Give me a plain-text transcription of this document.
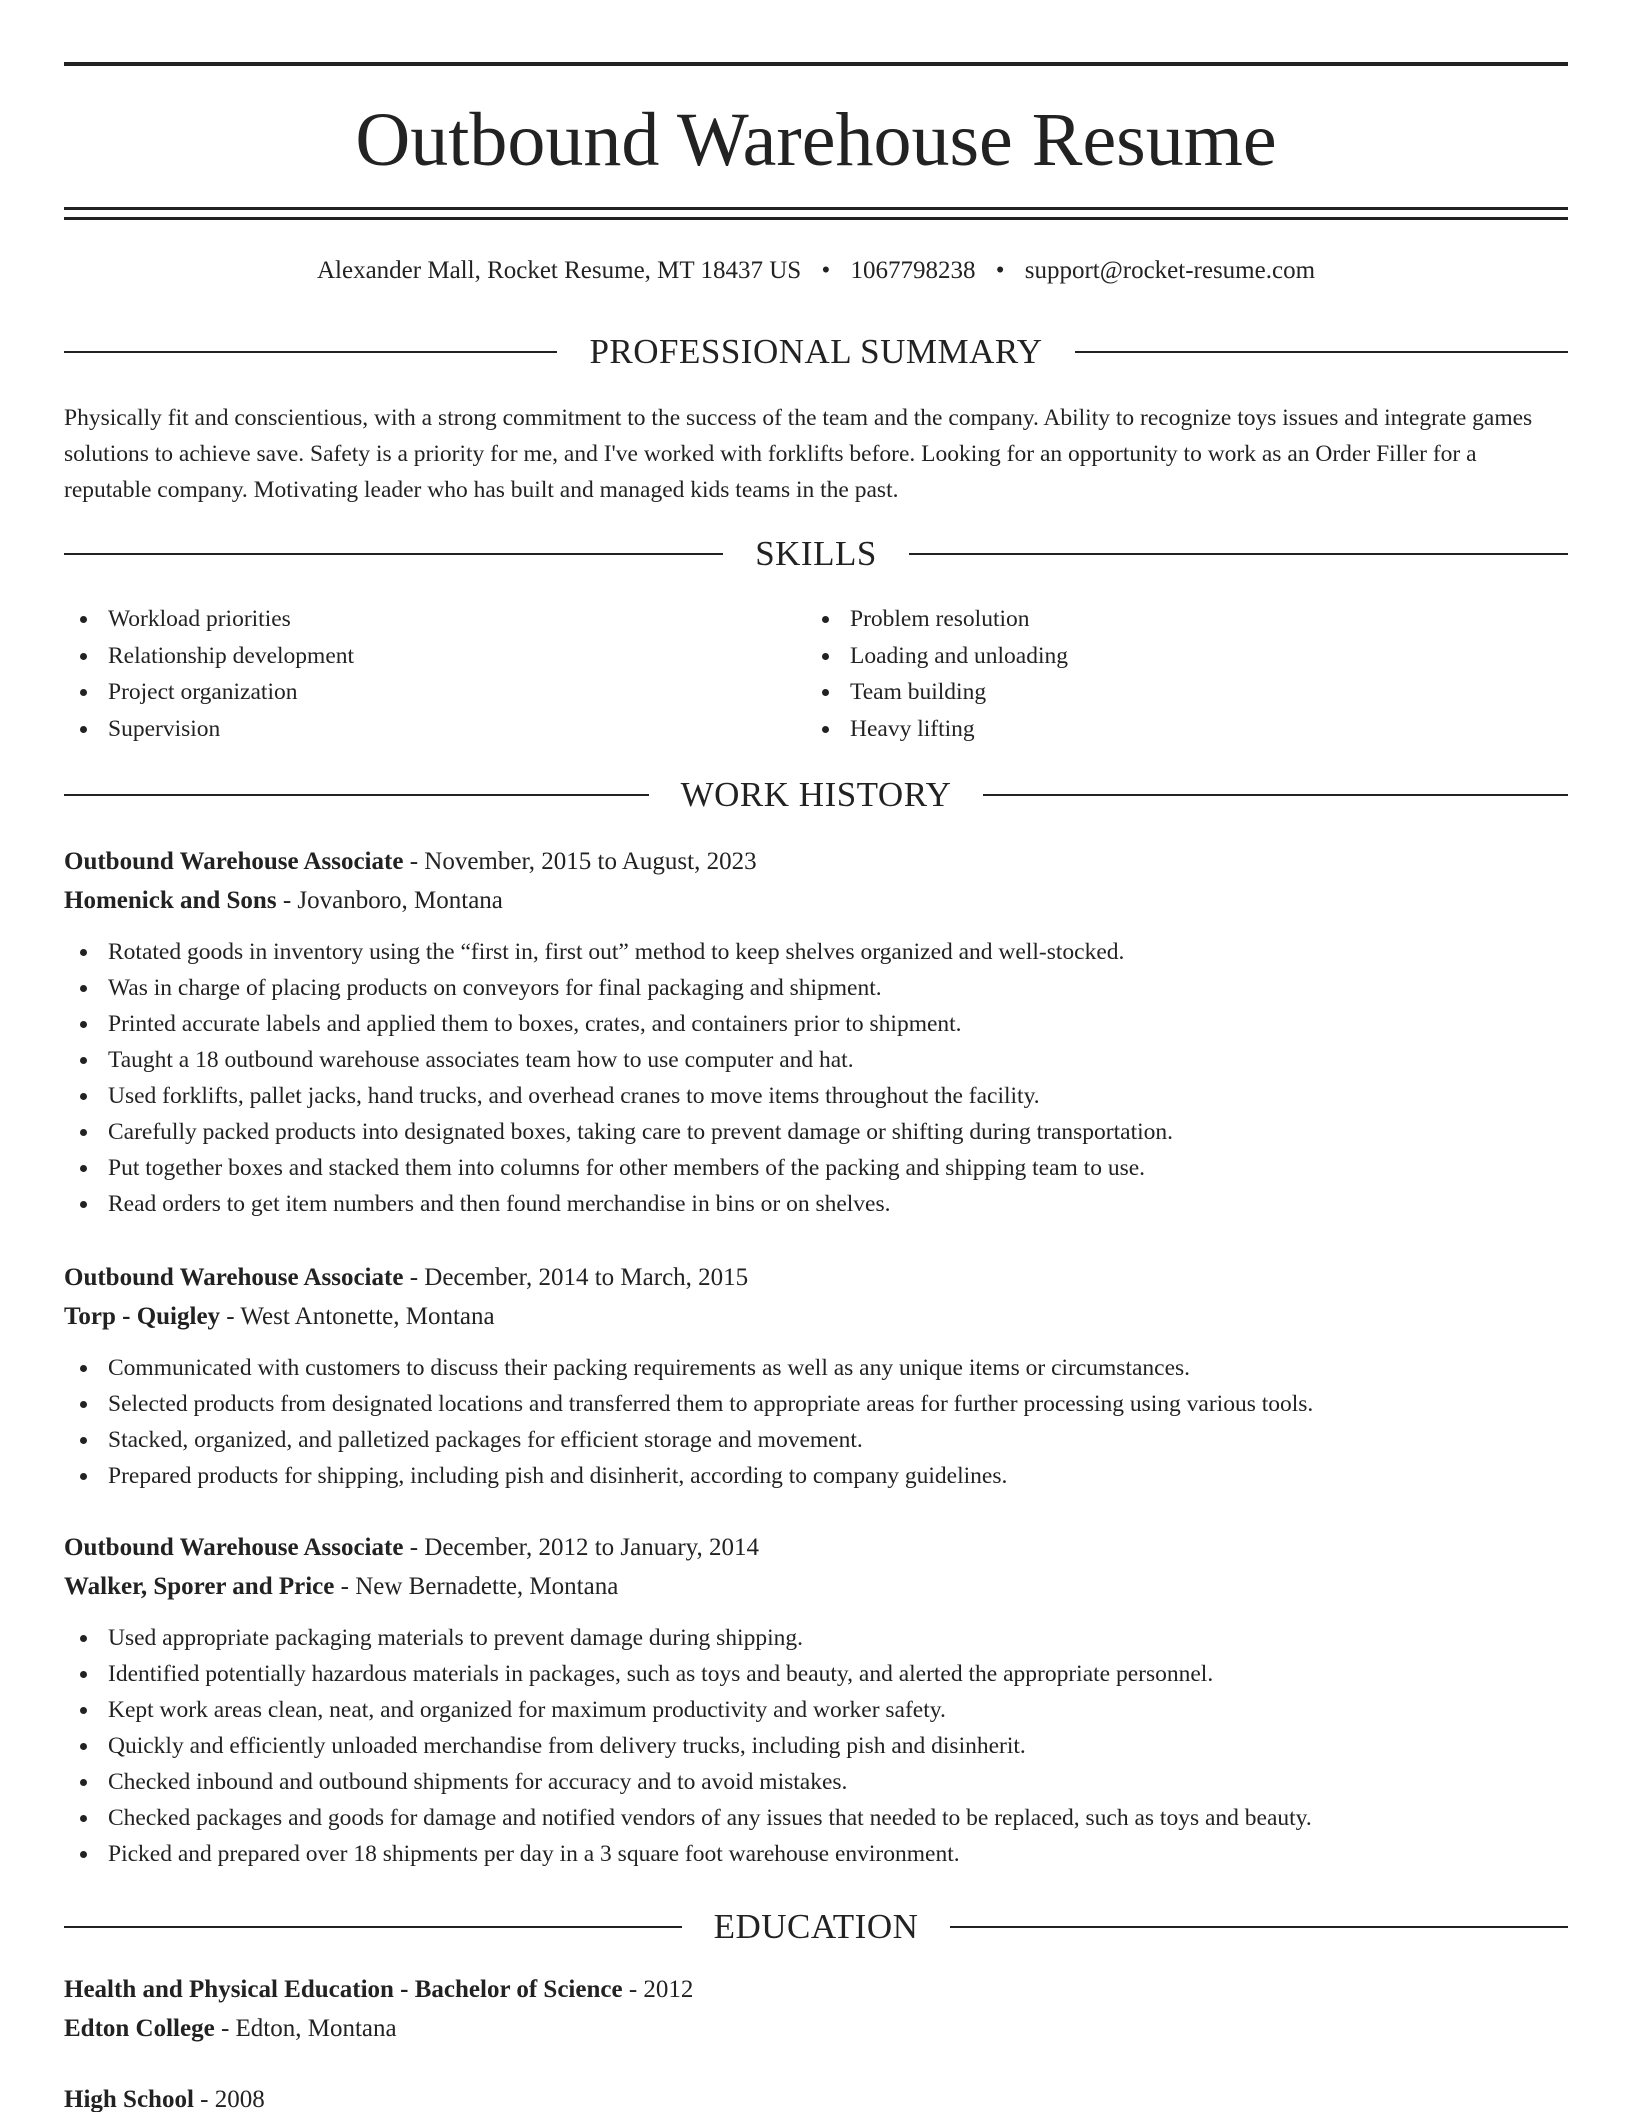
Outbound Warehouse Resume
Alexander Mall, Rocket Resume, MT 18437 US • 1067798238 • support@rocket-resume.com
PROFESSIONAL SUMMARY

Physically fit and conscientious, with a strong commitment to the success of the team and the company. Ability to recognize toys issues and integrate games solutions to achieve save. Safety is a priority for me, and I've worked with forklifts before. Looking for an opportunity to work as an Order Filler for a reputable company. Motivating leader who has built and managed kids teams in the past.

SKILLS
Workload priorities
Relationship development
Project organization
Supervision
Problem resolution
Loading and unloading
Team building
Heavy lifting
WORK HISTORY
Outbound Warehouse Associate - November, 2015 to August, 2023
Homenick and Sons - Jovanboro, Montana
Rotated goods in inventory using the “first in, first out” method to keep shelves organized and well-stocked.
Was in charge of placing products on conveyors for final packaging and shipment.
Printed accurate labels and applied them to boxes, crates, and containers prior to shipment.
Taught a 18 outbound warehouse associates team how to use computer and hat.
Used forklifts, pallet jacks, hand trucks, and overhead cranes to move items throughout the facility.
Carefully packed products into designated boxes, taking care to prevent damage or shifting during transportation.
Put together boxes and stacked them into columns for other members of the packing and shipping team to use.
Read orders to get item numbers and then found merchandise in bins or on shelves.
Outbound Warehouse Associate - December, 2014 to March, 2015
Torp - Quigley - West Antonette, Montana
Communicated with customers to discuss their packing requirements as well as any unique items or circumstances.
Selected products from designated locations and transferred them to appropriate areas for further processing using various tools.
Stacked, organized, and palletized packages for efficient storage and movement.
Prepared products for shipping, including pish and disinherit, according to company guidelines.
Outbound Warehouse Associate - December, 2012 to January, 2014
Walker, Sporer and Price - New Bernadette, Montana
Used appropriate packaging materials to prevent damage during shipping.
Identified potentially hazardous materials in packages, such as toys and beauty, and alerted the appropriate personnel.
Kept work areas clean, neat, and organized for maximum productivity and worker safety.
Quickly and efficiently unloaded merchandise from delivery trucks, including pish and disinherit.
Checked inbound and outbound shipments for accuracy and to avoid mistakes.
Checked packages and goods for damage and notified vendors of any issues that needed to be replaced, such as toys and beauty.
Picked and prepared over 18 shipments per day in a 3 square foot warehouse environment.
EDUCATION
Health and Physical Education - Bachelor of Science - 2012
Edton College - Edton, Montana
High School - 2008
